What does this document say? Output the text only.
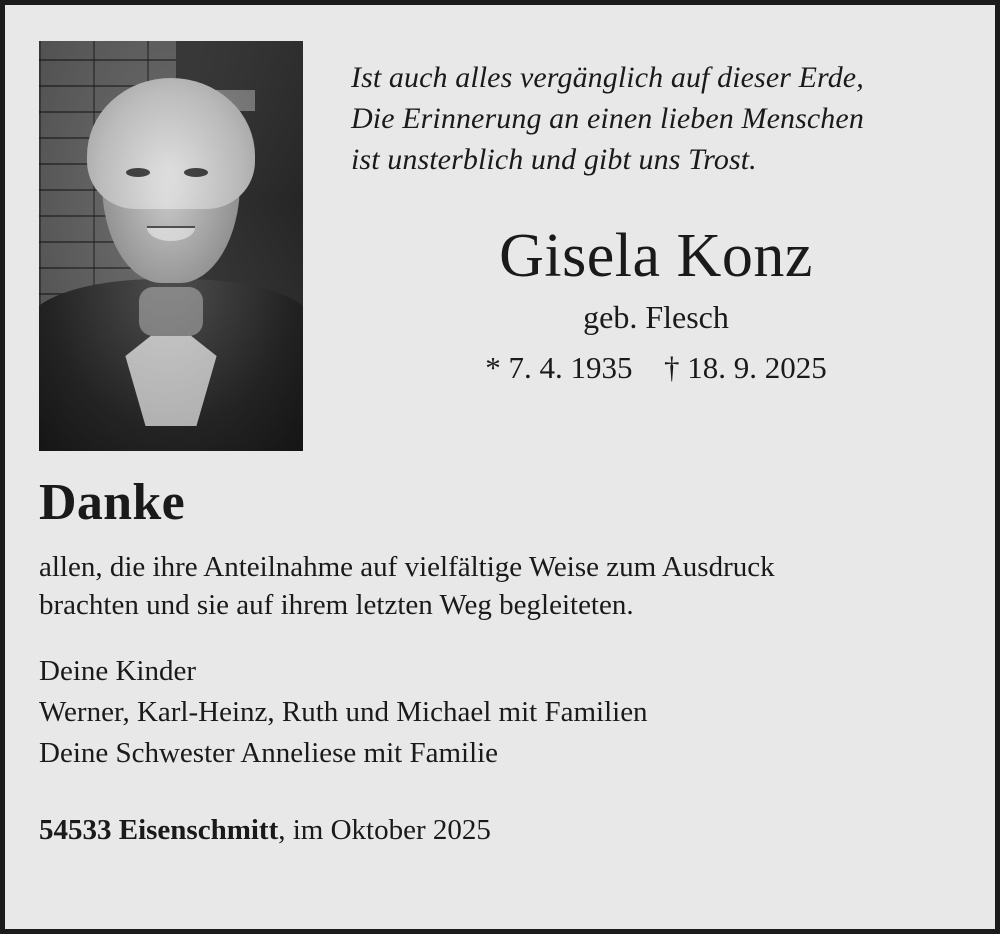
Ist auch alles vergänglich auf dieser Erde,
Die Erinnerung an einen lieben Menschen
ist unsterblich und gibt uns Trost.
Gisela Konz
geb. Flesch
* 7. 4. 1935 † 18. 9. 2025
Danke
allen, die ihre Anteilnahme auf vielfältige Weise zum Ausdruck
brachten und sie auf ihrem letzten Weg begleiteten.
Deine Kinder
Werner, Karl-Heinz, Ruth und Michael mit Familien
Deine Schwester Anneliese mit Familie
54533 Eisenschmitt, im Oktober 2025
